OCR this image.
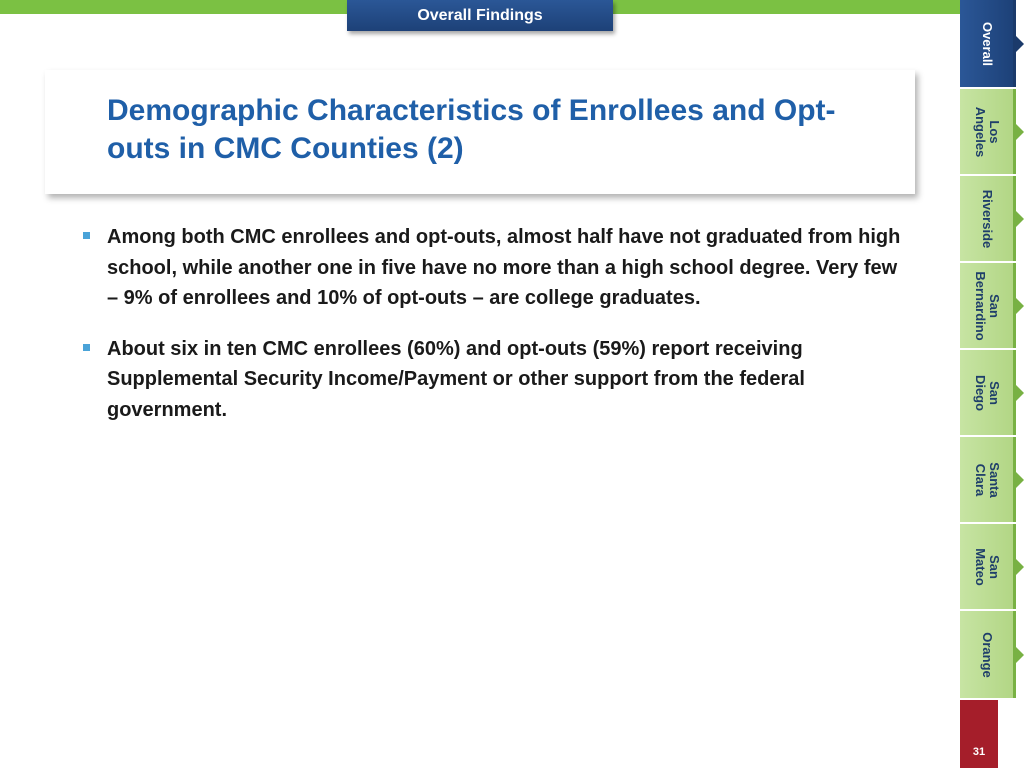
Overall Findings
Demographic Characteristics of Enrollees and Opt-outs in CMC Counties (2)
Among both CMC enrollees and opt-outs, almost half have not graduated from high school, while another one in five have no more than a high school degree. Very few – 9% of enrollees and 10% of opt-outs – are college graduates.
About six in ten CMC enrollees (60%) and opt-outs (59%) report receiving Supplemental Security Income/Payment or other support from the federal government.
Overall
Los
Angeles
Riverside
San
Bernardino
San
Diego
Santa
Clara
San
Mateo
Orange
31
